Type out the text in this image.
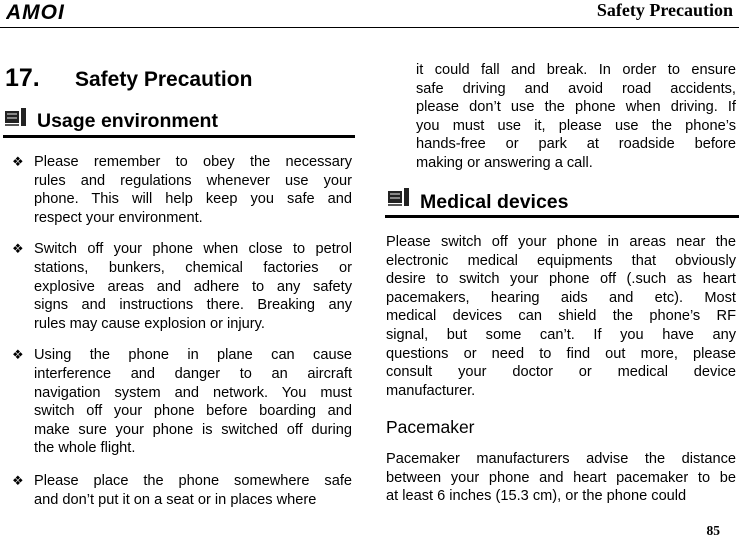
AMOI	Safety Precaution
17. Safety Precaution
Usage environment
❖ Please remember to obey the necessary
rules and regulations whenever use your
phone. This will help keep you safe and
respect your environment.
❖ Switch off your phone when close to petrol
stations, bunkers, chemical factories or
explosive areas and adhere to any safety
signs and instructions there. Breaking any
rules may cause explosion or injury.
❖ Using the phone in plane can cause
interference and danger to an aircraft
navigation system and network. You must
switch off your phone before boarding and
make sure your phone is switched off during
the whole flight.
❖ Please place the phone somewhere safe
and don’t put it on a seat or in places where
it could fall and break. In order to ensure
safe driving and avoid road accidents,
please don’t use the phone when driving. If
you must use it, please use the phone’s
hands-free or park at roadside before
making or answering a call.
Medical devices
Please switch off your phone in areas near the
electronic medical equipments that obviously
desire to switch your phone off (.such as heart
pacemakers, hearing aids and etc). Most
medical devices can shield the phone’s RF
signal, but some can’t. If you have any
questions or need to find out more, please
consult your doctor or medical device
manufacturer.
Pacemaker
Pacemaker manufacturers advise the distance
between your phone and heart pacemaker to be
at least 6 inches (15.3 cm), or the phone could
85
